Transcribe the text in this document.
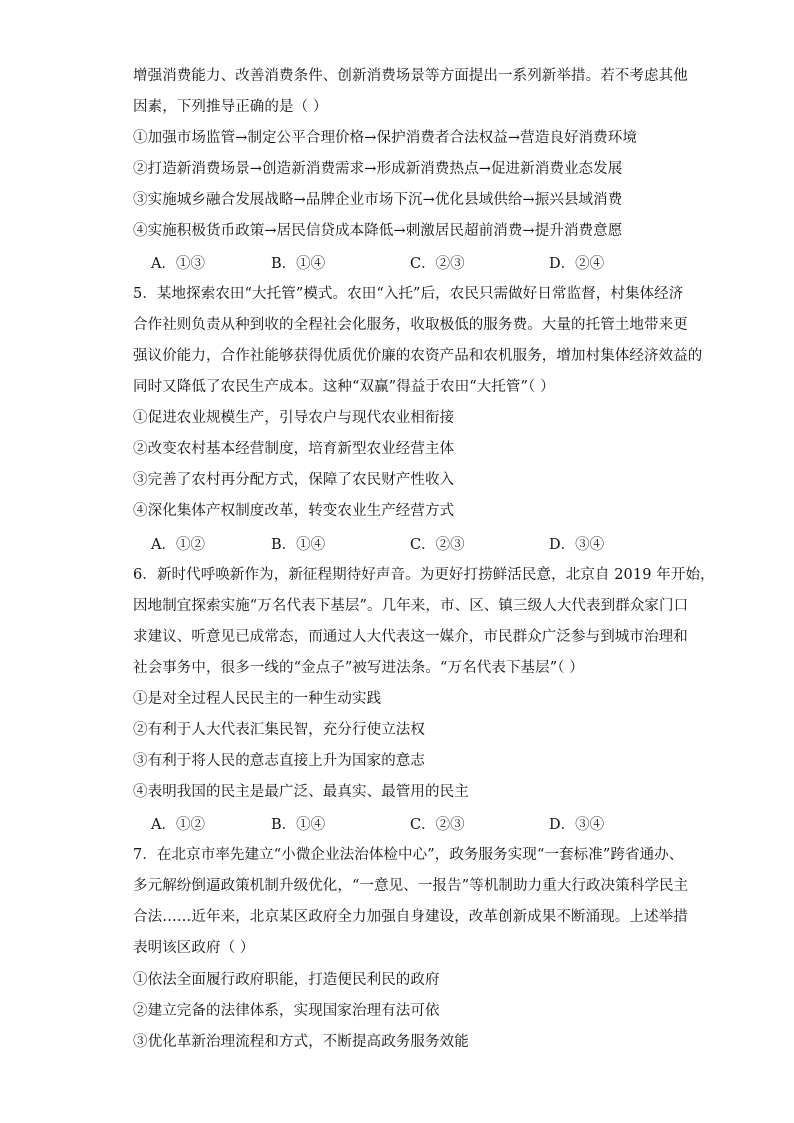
增强消费能力、改善消费条件、创新消费场景等方面提出一系列新举措。若不考虑其他
因素，下列推导正确的是（ ）
①加强市场监管→制定公平合理价格→保护消费者合法权益→营造良好消费环境
②打造新消费场景→创造新消费需求→形成新消费热点→促进新消费业态发展
③实施城乡融合发展战略→品牌企业市场下沉→优化县域供给→振兴县域消费
④实施积极货币政策→居民信贷成本降低→刺激居民超前消费→提升消费意愿
A．①③	B．①④	C．②③	D．②④
5．某地探索农田“大托管”模式。农田“入托”后，农民只需做好日常监督，村集体经济
合作社则负责从种到收的全程社会化服务，收取极低的服务费。大量的托管土地带来更
强议价能力，合作社能够获得优质优价廉的农资产品和农机服务，增加村集体经济效益的
同时又降低了农民生产成本。这种“双赢”得益于农田“大托管”（ ）
①促进农业规模生产，引导农户与现代农业相衔接
②改变农村基本经营制度，培育新型农业经营主体
③完善了农村再分配方式，保障了农民财产性收入
④深化集体产权制度改革，转变农业生产经营方式
A．①②	B．①④	C．②③	D．③④
6．新时代呼唤新作为，新征程期待好声音。为更好打捞鲜活民意，北京自 2019 年开始，
因地制宜探索实施“万名代表下基层”。几年来，市、区、镇三级人大代表到群众家门口
求建议、听意见已成常态，而通过人大代表这一媒介，市民群众广泛参与到城市治理和
社会事务中，很多一线的“金点子”被写进法条。“万名代表下基层”（ ）
①是对全过程人民民主的一种生动实践
②有利于人大代表汇集民智，充分行使立法权
③有利于将人民的意志直接上升为国家的意志
④表明我国的民主是最广泛、最真实、最管用的民主
A．①②	B．①④	C．②③	D．③④
7．在北京市率先建立“小微企业法治体检中心”，政务服务实现“一套标准”跨省通办、
多元解纷倒逼政策机制升级优化，“一意见、一报告”等机制助力重大行政决策科学民主
合法……近年来，北京某区政府全力加强自身建设，改革创新成果不断涌现。上述举措
表明该区政府（ ）
①依法全面履行政府职能，打造便民利民的政府
②建立完备的法律体系，实现国家治理有法可依
③优化革新治理流程和方式，不断提高政务服务效能
